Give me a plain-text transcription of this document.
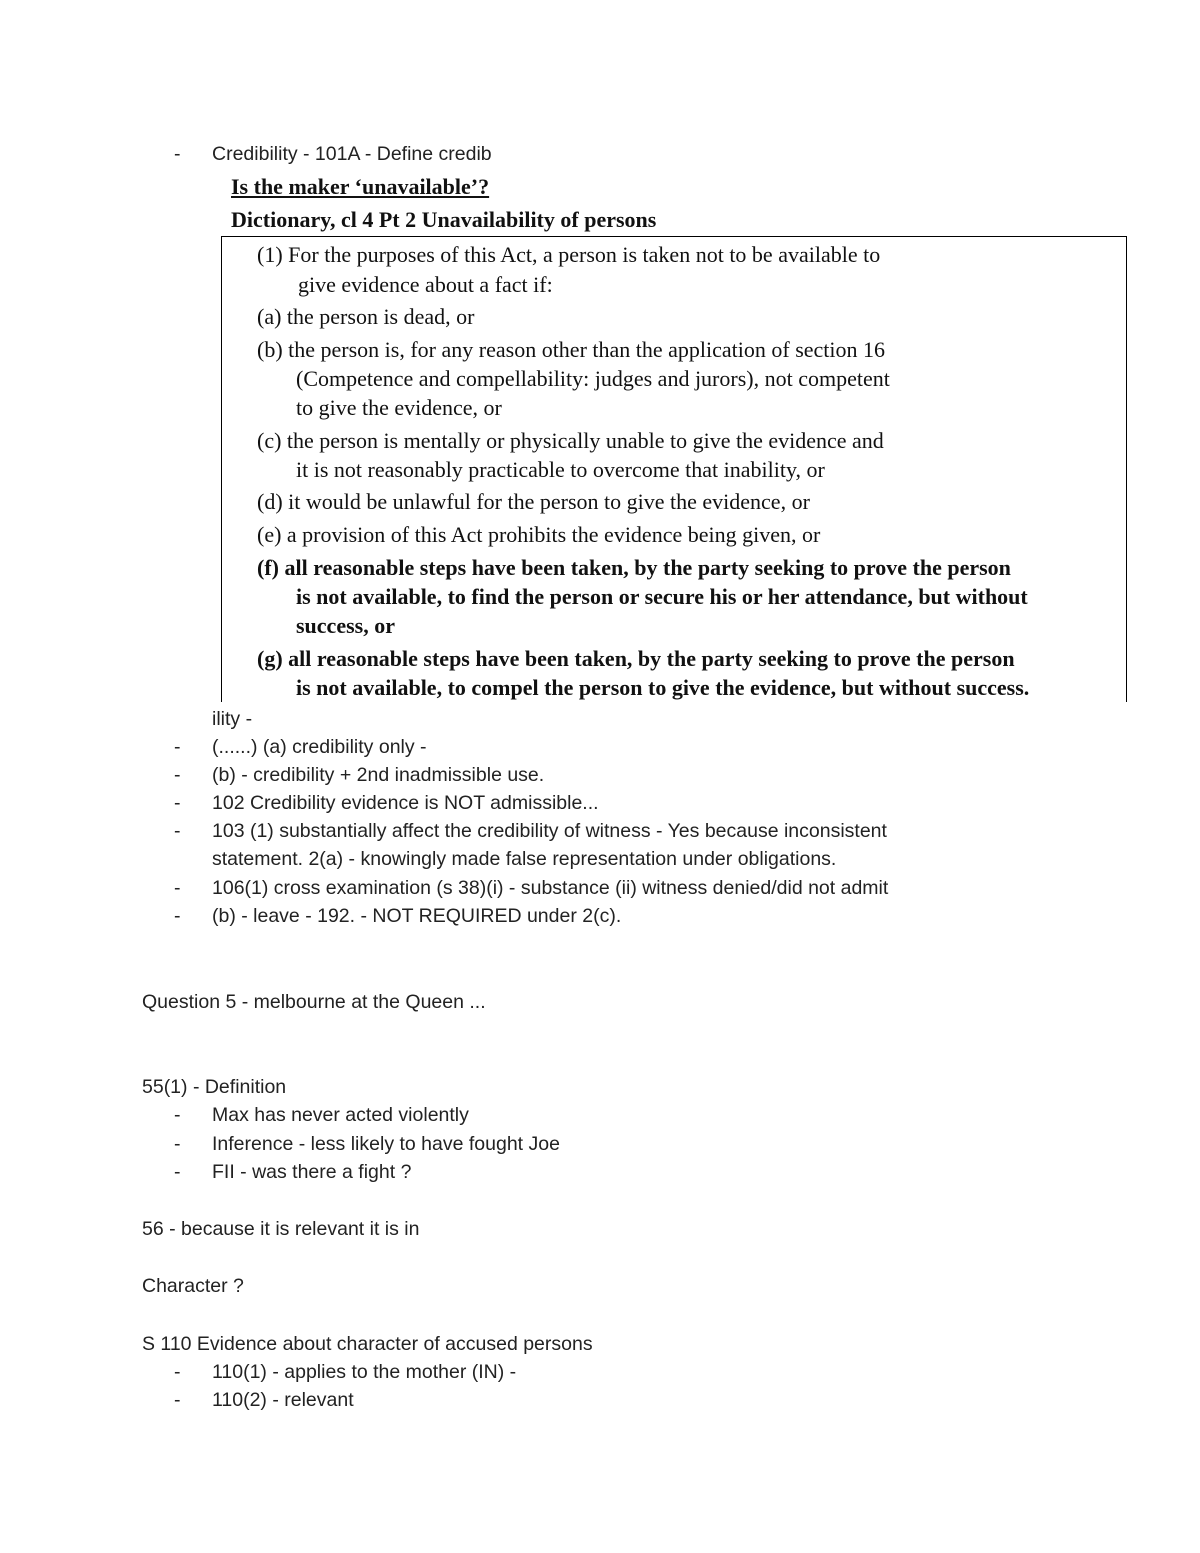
- Credibility - 101A - Define credib
Is the maker ‘unavailable’?
Dictionary, cl 4 Pt 2 Unavailability of persons
(1) For the purposes of this Act, a person is taken not to be available to
give evidence about a fact if:
(a) the person is dead, or
(b) the person is, for any reason other than the application of section 16
(Competence and compellability: judges and jurors), not competent
to give the evidence, or
(c) the person is mentally or physically unable to give the evidence and
it is not reasonably practicable to overcome that inability, or
(d) it would be unlawful for the person to give the evidence, or
(e) a provision of this Act prohibits the evidence being given, or
(f) all reasonable steps have been taken, by the party seeking to prove the person
is not available, to find the person or secure his or her attendance, but without
success, or
(g) all reasonable steps have been taken, by the party seeking to prove the person
is not available, to compel the person to give the evidence, but without success.
ility -
- (......) (a) credibility only -
- (b) - credibility + 2nd inadmissible use.
- 102 Credibility evidence is NOT admissible...
- 103 (1) substantially affect the credibility of witness - Yes because inconsistent
statement. 2(a) - knowingly made false representation under obligations.
- 106(1) cross examination (s 38)(i) - substance (ii) witness denied/did not admit
- (b) - leave - 192. - NOT REQUIRED under 2(c).
Question 5 - melbourne at the Queen ...
55(1) - Definition
- Max has never acted violently
- Inference - less likely to have fought Joe
- FII - was there a fight ?
56 - because it is relevant it is in
Character ?
S 110 Evidence about character of accused persons
- 110(1) - applies to the mother (IN) -
- 110(2) - relevant
